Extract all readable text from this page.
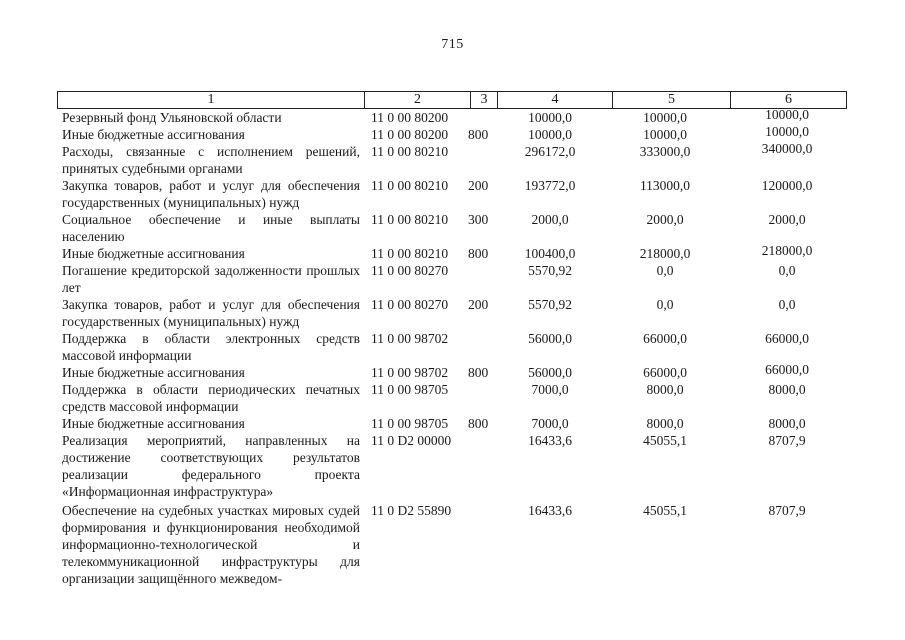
715
1	2	3	4	5	6
Резервный фонд Ульяновской области	11 0 00 80200	10000,0	10000,0	10000,0
Иные бюджетные ассигнования	11 0 00 80200 800	10000,0	10000,0	10000,0
Расходы, связанные с исполнением решений, принятых судебными органами
11 0 00 80210	296172,0	333000,0	340000,0
Закупка товаров, работ и услуг для обеспечения государственных (муниципальных) нужд
11 0 00 80210 200	193772,0	113000,0	120000,0
Социальное обеспечение и иные выплаты населению
11 0 00 80210 300	2000,0	2000,0	2000,0
Иные бюджетные ассигнования	11 0 00 80210 800	100400,0	218000,0	218000,0
Погашение кредиторской задолженности прошлых лет
11 0 00 80270	5570,92	0,0	0,0
Закупка товаров, работ и услуг для обеспечения государственных (муниципальных) нужд
11 0 00 80270 200	5570,92	0,0	0,0
Поддержка в области электронных средств массовой информации
11 0 00 98702	56000,0	66000,0	66000,0
Иные бюджетные ассигнования	11 0 00 98702 800	56000,0	66000,0	66000,0
Поддержка в области периодических печатных средств массовой информации
11 0 00 98705	7000,0	8000,0	8000,0
Иные бюджетные ассигнования	11 0 00 98705 800	7000,0	8000,0	8000,0
Реализация мероприятий, направленных на достижение соответствующих результатов реализации федерального проекта «Информационная инфраструктура»
11 0 D2 00000	16433,6	45055,1	8707,9
Обеспечение на судебных участках мировых судей формирования и функционирования необходимой информационно-технологической и телекоммуникационной инфраструктуры для организации защищённого межведом-
11 0 D2 55890	16433,6	45055,1	8707,9
